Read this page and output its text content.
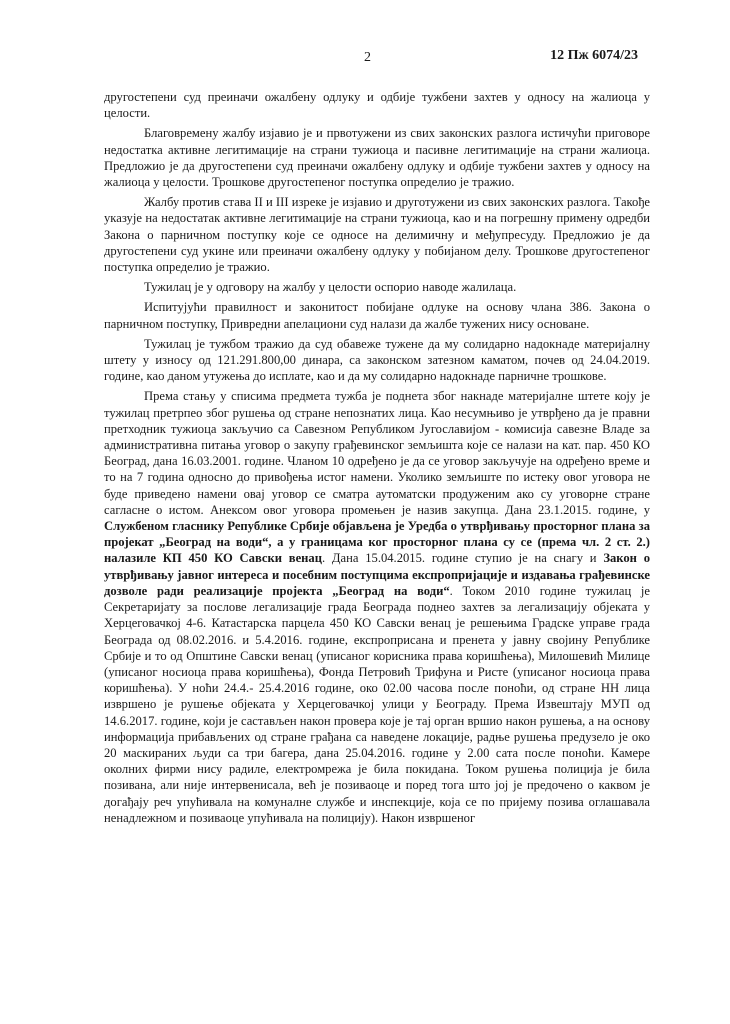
2	12 Пж 6074/23

другостепени суд преиначи ожалбену одлуку и одбије тужбени захтев у односу на жалиоца у целости.

Благовремену жалбу изјавио је и првотужени из свих законских разлога истичући приговоре недостатка активне легитимације на страни тужиоца и пасивне легитимације на страни жалиоца. Предложио је да другостепени суд преиначи ожалбену одлуку и одбије тужбени захтев у односу на жалиоца у целости. Трошкове другостепеног поступка определио је тражио.

Жалбу против става II и III изреке је изјавио и друготужени из свих законских разлога. Такође указује на недостатак активне легитимације на страни тужиоца, као и на погрешну примену одредби Закона о парничном поступку које се односе на делимичну и међупресуду. Предложио је да другостепени суд укине или преиначи ожалбену одлуку у побијаном делу. Трошкове другостепеног поступка определио је тражио.

Тужилац је у одговору на жалбу у целости оспорио наводе жалилаца.

Испитујући правилност и законитост побијане одлуке на основу члана 386. Закона о парничном поступку, Привредни апелациони суд налази да жалбе тужених нису основане.

Тужилац је тужбом тражио да суд обавеже тужене да му солидарно надокнаде материјалну штету у износу од 121.291.800,00 динара, са законском затезном каматом, почев од 24.04.2019. године, као даном утужења до исплате, као и да му солидарно надокнаде парничне трошкове.

Према стању у списима предмета тужба је поднета због накнаде материјалне штете коју је тужилац претрпео због рушења од стране непознатих лица. Као несумњиво је утврђено да је правни претходник тужиоца закључио са Савезном Републиком Југославијом - комисија савезне Владе за административна питања уговор о закупу грађевинског земљишта које се налази на кат. пар. 450 КО Београд, дана 16.03.2001. године. Чланом 10 одређено је да се уговор закључује на одређено време и то на 7 година односно до привођења истог намени. Уколико земљиште по истеку овог уговора не буде приведено намени овај уговор се сматра аутоматски продуженим ако су уговорне стране сагласне о истом. Анексом овог уговора промењен је назив закупца. Дана 23.1.2015. године, у Службеном гласнику Републике Србије објављена је Уредба о утврђивању просторног плана за пројекат „Београд на води“, а у границама ког просторног плана су се (према чл. 2 ст. 2.) налазиле КП 450 КО Савски венац. Дана 15.04.2015. године ступио је на снагу и Закон о утврђивању јавног интереса и посебним поступцима експропријације и издавања грађевинске дозволе ради реализације пројекта „Београд на води“. Током 2010 године тужилац је Секретаријату за послове легализације града Београда поднео захтев за легализацију објеката у Херцеговачкој 4-6. Катастарска парцела 450 КО Савски венац је решењима Градске управе града Београда од 08.02.2016. и 5.4.2016. године, експроприсана и пренета у јавну својину Републике Србије и то од Општине Савски венац (уписаног корисника права коришћења), Милошевић Милице (уписаног носиоца права коришћења), Фонда Петровић Трифуна и Ристе (уписаног носиоца права коришћења). У ноћи 24.4.- 25.4.2016 године, око 02.00 часова после поноћи, од стране НН лица извршено је рушење објеката у Херцеговачкој улици у Београду. Према Извештају МУП од 14.6.2017. године, који је састављен након провера које је тај орган вршио након рушења, а на основу информација прибављених од стране грађана са наведене локације, радње рушења предузело је око 20 маскираних људи са три багера, дана 25.04.2016. године у 2.00 сата после поноћи. Камере околних фирми нису радиле, електромрежа је била покидана. Током рушења полиција је била позивана, али није интервенисала, већ је позиваоце и поред тога што јој је предочено о каквом је догађају реч упућивала на комуналне службе и инспекције, која се по пријему позива оглашавала ненадлежном и позиваоце упућивала на полицију). Након извршеног
